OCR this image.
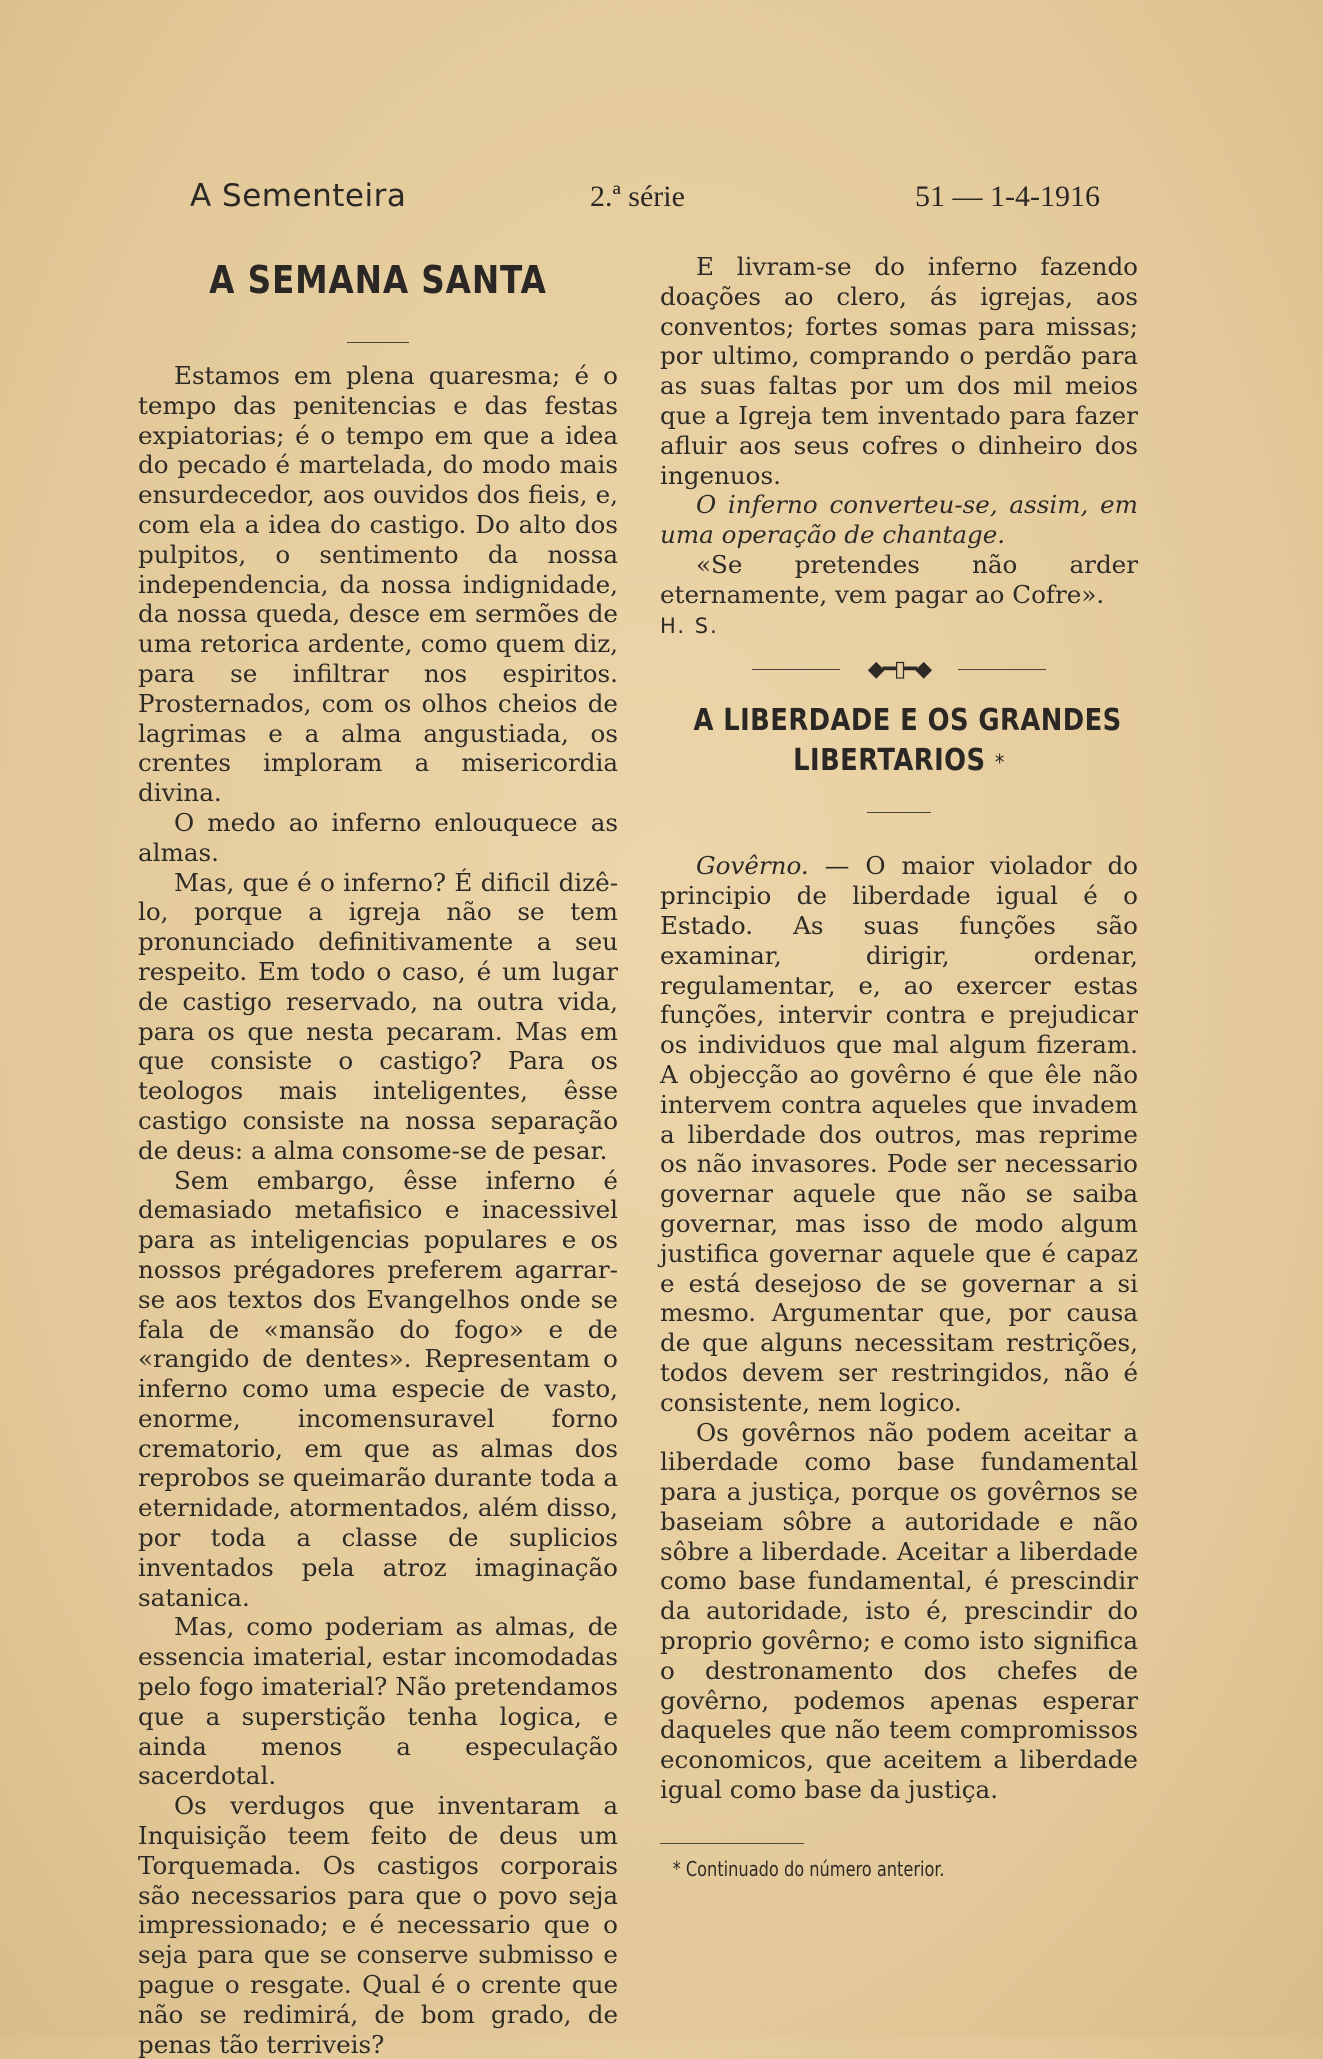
A Sementeira	2.ª série	51 — 1-4-1916
A SEMANA SANTA

Estamos em plena quaresma; é o tempo das penitencias e das festas expiatorias; é o tempo em que a idea do pecado é martelada, do modo mais ensurdecedor, aos ouvidos dos fieis, e, com ela a idea do castigo. Do alto dos pulpitos, o sentimento da nossa independencia, da nossa indignidade, da nossa queda, desce em sermões de uma retorica ardente, como quem diz, para se infiltrar nos espiritos. Prosternados, com os olhos cheios de lagrimas e a alma angustiada, os crentes imploram a misericordia divina.

O medo ao inferno enlouquece as almas.

Mas, que é o inferno? É dificil dizê-lo, porque a igreja não se tem pronunciado definitivamente a seu respeito. Em todo o caso, é um lugar de castigo reservado, na outra vida, para os que nesta pecaram. Mas em que consiste o castigo? Para os teologos mais inteligentes, êsse castigo consiste na nossa separação de deus: a alma consome-se de pesar.

Sem embargo, êsse inferno é demasiado metafisico e inacessivel para as inteligencias populares e os nossos prégadores preferem agarrar-se aos textos dos Evangelhos onde se fala de «mansão do fogo» e de «rangido de dentes». Representam o inferno como uma especie de vasto, enorme, incomensuravel forno crematorio, em que as almas dos reprobos se queimarão durante toda a eternidade, atormentados, além disso, por toda a classe de suplicios inventados pela atroz imaginação satanica.

Mas, como poderiam as almas, de essencia imaterial, estar incomodadas pelo fogo imaterial? Não pretendamos que a superstição tenha logica, e ainda menos a especulação sacerdotal.

Os verdugos que inventaram a Inquisição teem feito de deus um Torquemada. Os castigos corporais são necessarios para que o povo seja impressionado; e é necessario que o seja para que se conserve submisso e pague o resgate. Qual é o crente que não se redimirá, de bom grado, de penas tão terriveis?

E livram-se do inferno fazendo doações ao clero, ás igrejas, aos conventos; fortes somas para missas; por ultimo, comprando o perdão para as suas faltas por um dos mil meios que a Igreja tem inventado para fazer afluir aos seus cofres o dinheiro dos ingenuos.

O inferno converteu-se, assim, em uma operação de chantage.

«Se pretendes não arder eternamente, vem pagar ao Cofre».

H. S.

◆━▯━◆
A LIBERDADE E OS GRANDES
LIBERTARIOS *

Govêrno. — O maior violador do principio de liberdade igual é o Estado. As suas funções são examinar, dirigir, ordenar, regulamentar, e, ao exercer estas funções, intervir contra e prejudicar os individuos que mal algum fizeram. A objecção ao govêrno é que êle não intervem contra aqueles que invadem a liberdade dos outros, mas reprime os não invasores. Pode ser necessario governar aquele que não se saiba governar, mas isso de modo algum justifica governar aquele que é capaz e está desejoso de se governar a si mesmo. Argumentar que, por causa de que alguns necessitam restrições, todos devem ser restringidos, não é consistente, nem logico.

Os govêrnos não podem aceitar a liberdade como base fundamental para a justiça, porque os govêrnos se baseiam sôbre a autoridade e não sôbre a liberdade. Aceitar a liberdade como base fundamental, é prescindir da autoridade, isto é, prescindir do proprio govêrno; e como isto significa o destronamento dos chefes de govêrno, podemos apenas esperar daqueles que não teem compromissos economicos, que aceitem a liberdade igual como base da justiça.

* Continuado do número anterior.
